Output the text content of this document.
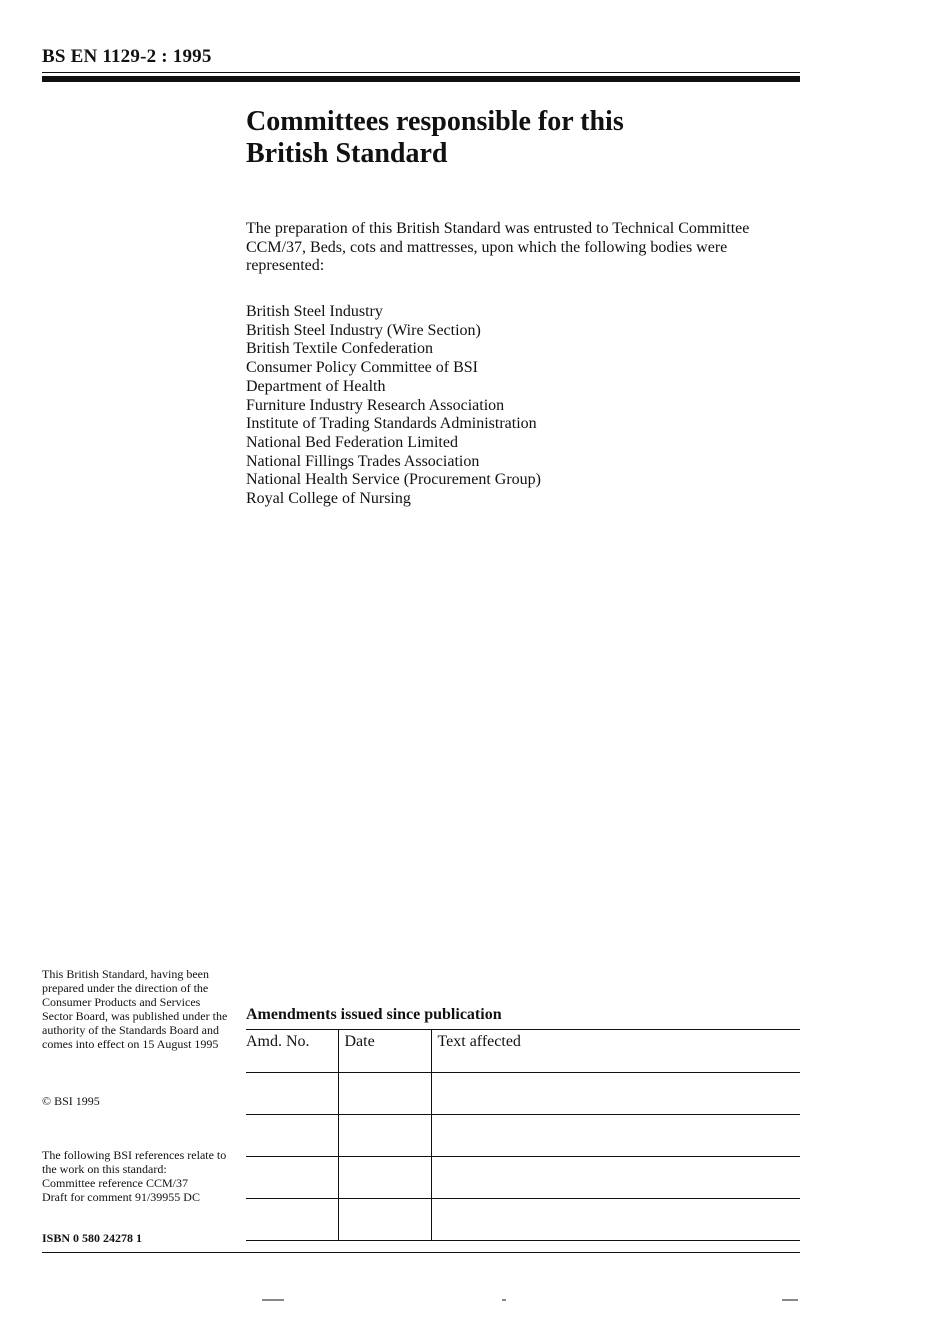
BS EN 1129-2 : 1995
Committees responsible for this
British Standard

The preparation of this British Standard was entrusted to Technical Committee CCM/37, Beds, cots and mattresses, upon which the following bodies were represented:

British Steel Industry
British Steel Industry (Wire Section)
British Textile Confederation
Consumer Policy Committee of BSI
Department of Health
Furniture Industry Research Association
Institute of Trading Standards Administration
National Bed Federation Limited
National Fillings Trades Association
National Health Service (Procurement Group)
Royal College of Nursing

This British Standard, having been prepared under the direction of the Consumer Products and Services Sector Board, was published under the authority of the Standards Board and comes into effect on 15 August 1995

© BSI 1995

The following BSI references relate to the work on this standard:
Committee reference CCM/37
Draft for comment 91/39955 DC

ISBN 0 580 24278 1
Amendments issued since publication
Amd. No.	Date	Text affected
